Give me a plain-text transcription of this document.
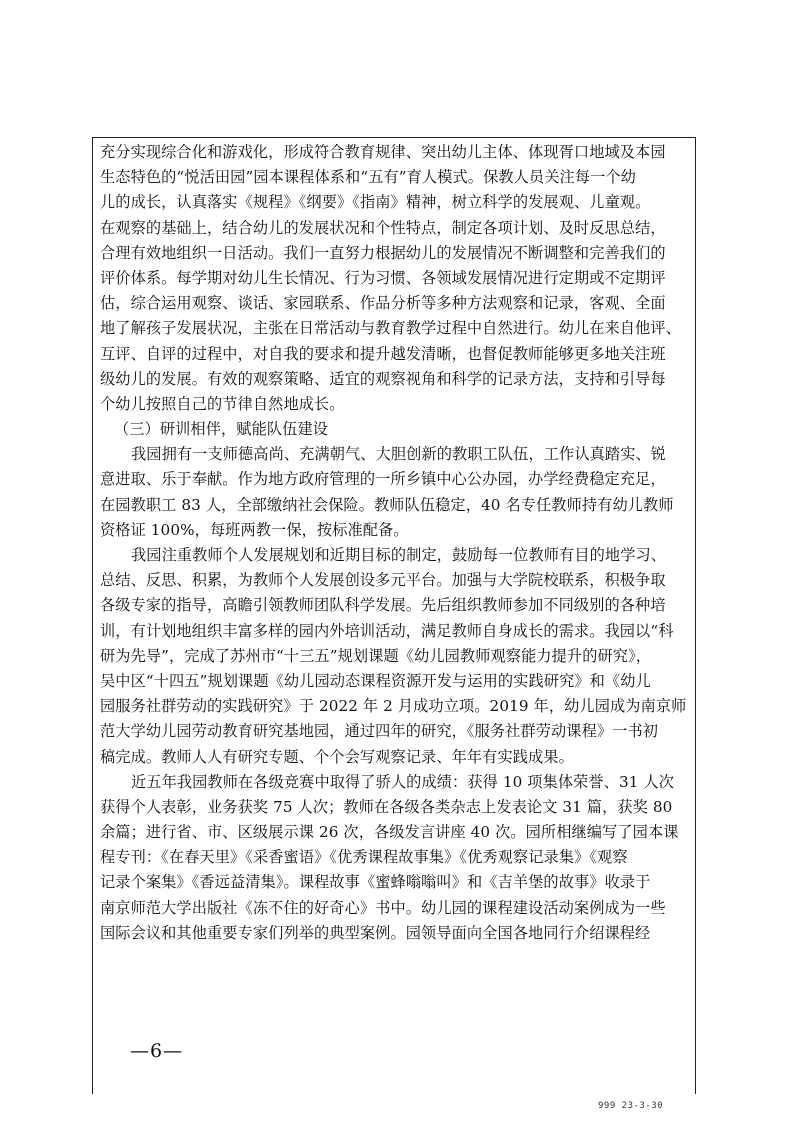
充分实现综合化和游戏化，形成符合教育规律、突出幼儿主体、体现胥口地域及本园
生态特色的“悦活田园”园本课程体系和“五有”育人模式。保教人员关注每一个幼
儿的成长，认真落实《规程》《纲要》《指南》精神，树立科学的发展观、儿童观。
在观察的基础上，结合幼儿的发展状况和个性特点，制定各项计划、及时反思总结，
合理有效地组织一日活动。我们一直努力根据幼儿的发展情况不断调整和完善我们的
评价体系。每学期对幼儿生长情况、行为习惯、各领域发展情况进行定期或不定期评
估，综合运用观察、谈话、家园联系、作品分析等多种方法观察和记录，客观、全面
地了解孩子发展状况，主张在日常活动与教育教学过程中自然进行。幼儿在来自他评、
互评、自评的过程中，对自我的要求和提升越发清晰，也督促教师能够更多地关注班
级幼儿的发展。有效的观察策略、适宜的观察视角和科学的记录方法，支持和引导每
个幼儿按照自己的节律自然地成长。
（三）研训相伴，赋能队伍建设
我园拥有一支师德高尚、充满朝气、大胆创新的教职工队伍，工作认真踏实、锐
意进取、乐于奉献。作为地方政府管理的一所乡镇中心公办园，办学经费稳定充足，
在园教职工 83 人，全部缴纳社会保险。教师队伍稳定，40 名专任教师持有幼儿教师
资格证 100%，每班两教一保，按标准配备。
我园注重教师个人发展规划和近期目标的制定，鼓励每一位教师有目的地学习、
总结、反思、积累，为教师个人发展创设多元平台。加强与大学院校联系，积极争取
各级专家的指导，高瞻引领教师团队科学发展。先后组织教师参加不同级别的各种培
训，有计划地组织丰富多样的园内外培训活动，满足教师自身成长的需求。我园以“科
研为先导”，完成了苏州市“十三五”规划课题《幼儿园教师观察能力提升的研究》，
吴中区“十四五”规划课题《幼儿园动态课程资源开发与运用的实践研究》和《幼儿
园服务社群劳动的实践研究》于 2022 年 2 月成功立项。2019 年，幼儿园成为南京师
范大学幼儿园劳动教育研究基地园，通过四年的研究，《服务社群劳动课程》一书初
稿完成。教师人人有研究专题、个个会写观察记录、年年有实践成果。
近五年我园教师在各级竞赛中取得了骄人的成绩：获得 10 项集体荣誉、31 人次
获得个人表彰，业务获奖 75 人次；教师在各级各类杂志上发表论文 31 篇，获奖 80
余篇；进行省、市、区级展示课 26 次，各级发言讲座 40 次。园所相继编写了园本课
程专刊：《在春天里》《采香蜜语》《优秀课程故事集》《优秀观察记录集》《观察
记录个案集》《香远益清集》。课程故事《蜜蜂嗡嗡叫》和《吉羊堡的故事》收录于
南京师范大学出版社《冻不住的好奇心》书中。幼儿园的课程建设活动案例成为一些
国际会议和其他重要专家们列举的典型案例。园领导面向全国各地同行介绍课程经
—6—
999 23-3-30
